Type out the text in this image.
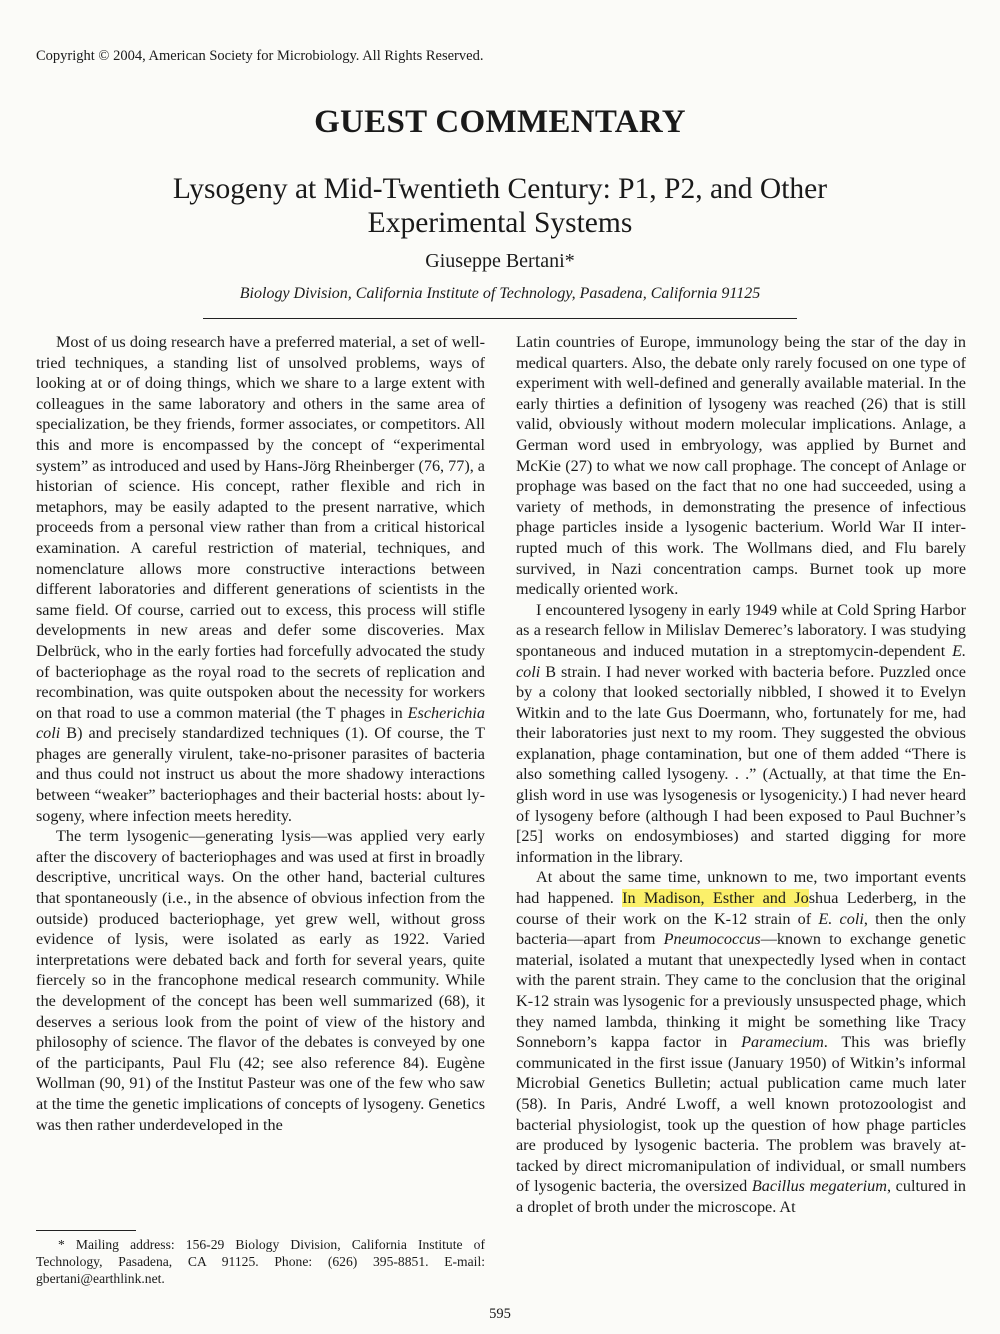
Copyright © 2004, American Society for Microbiology. All Rights Reserved.
GUEST COMMENTARY
Lysogeny at Mid-Twentieth Century: P1, P2, and Other
Experimental Systems
Giuseppe Bertani*
Biology Division, California Institute of Technology, Pasadena, California 91125

Most of us doing research have a preferred material, a set of well-tried techniques, a standing list of unsolved problems, ways of looking at or of doing things, which we share to a large extent with colleagues in the same laboratory and others in the same area of specialization, be they friends, former associates, or competitors. All this and more is encompassed by the concept of “experimental system” as introduced and used by Hans-Jörg Rheinberger (76, 77), a historian of science. His concept, rather flexible and rich in metaphors, may be easily adapted to the present narrative, which proceeds from a personal view rather than from a critical historical examination. A careful restriction of material, techniques, and nomenclature allows more constructive interactions between different laboratories and different generations of scientists in the same field. Of course, carried out to excess, this process will stifle developments in new areas and defer some discoveries. Max Delbrück, who in the early forties had forcefully advocated the study of bacteriophage as the royal road to the secrets of replication and recombination, was quite outspoken about the necessity for workers on that road to use a common material (the T phages in Escherichia coli B) and precisely standardized techniques (1). Of course, the T phages are generally virulent, take-no-prisoner parasites of bacteria and thus could not instruct us about the more shadowy interactions between “weaker” bacteriophages and their bacterial hosts: about lysogeny, where infection meets heredity.

The term lysogenic—generating lysis—was applied very early after the discovery of bacteriophages and was used at first in broadly descriptive, uncritical ways. On the other hand, bacterial cultures that spontaneously (i.e., in the absence of obvious infection from the outside) produced bacteriophage, yet grew well, without gross evidence of lysis, were isolated as early as 1922. Varied interpretations were debated back and forth for several years, quite fiercely so in the francophone medical research community. While the development of the concept has been well summarized (68), it deserves a serious look from the point of view of the history and philosophy of science. The flavor of the debates is conveyed by one of the participants, Paul Flu (42; see also reference 84). Eugène Wollman (90, 91) of the Institut Pasteur was one of the few who saw at the time the genetic implications of concepts of lysogeny. Genetics was then rather underdeveloped in the

Latin countries of Europe, immunology being the star of the day in medical quarters. Also, the debate only rarely focused on one type of experiment with well-defined and generally available material. In the early thirties a definition of lysogeny was reached (26) that is still valid, obviously without modern molecular implications. Anlage, a German word used in embryology, was applied by Burnet and McKie (27) to what we now call prophage. The concept of Anlage or prophage was based on the fact that no one had succeeded, using a variety of methods, in demonstrating the presence of infectious phage particles inside a lysogenic bacterium. World War II interrupted much of this work. The Wollmans died, and Flu barely survived, in Nazi concentration camps. Burnet took up more medically oriented work.

I encountered lysogeny in early 1949 while at Cold Spring Harbor as a research fellow in Milislav Demerec’s laboratory. I was studying spontaneous and induced mutation in a streptomycin-dependent E. coli B strain. I had never worked with bacteria before. Puzzled once by a colony that looked sectorially nibbled, I showed it to Evelyn Witkin and to the late Gus Doermann, who, fortunately for me, had their laboratories just next to my room. They suggested the obvious explanation, phage contamination, but one of them added “There is also something called lysogeny. . .” (Actually, at that time the English word in use was lysogenesis or lysogenicity.) I had never heard of lysogeny before (although I had been exposed to Paul Buchner’s [25] works on endosymbioses) and started digging for more information in the library.

At about the same time, unknown to me, two important events had happened. In Madison, Esther and Joshua Lederberg, in the course of their work on the K-12 strain of E. coli, then the only bacteria—apart from Pneumococcus—known to exchange genetic material, isolated a mutant that unexpectedly lysed when in contact with the parent strain. They came to the conclusion that the original K-12 strain was lysogenic for a previously unsuspected phage, which they named lambda, thinking it might be something like Tracy Sonneborn’s kappa factor in Paramecium. This was briefly communicated in the first issue (January 1950) of Witkin’s informal Microbial Genetics Bulletin; actual publication came much later (58). In Paris, André Lwoff, a well known protozoologist and bacterial physiologist, took up the question of how phage particles are produced by lysogenic bacteria. The problem was bravely attacked by direct micromanipulation of individual, or small numbers of lysogenic bacteria, the oversized Bacillus megaterium, cultured in a droplet of broth under the microscope. At

* Mailing address: 156-29 Biology Division, California Institute of Technology, Pasadena, CA 91125. Phone: (626) 395-8851. E-mail: gbertani@earthlink.net.
595
